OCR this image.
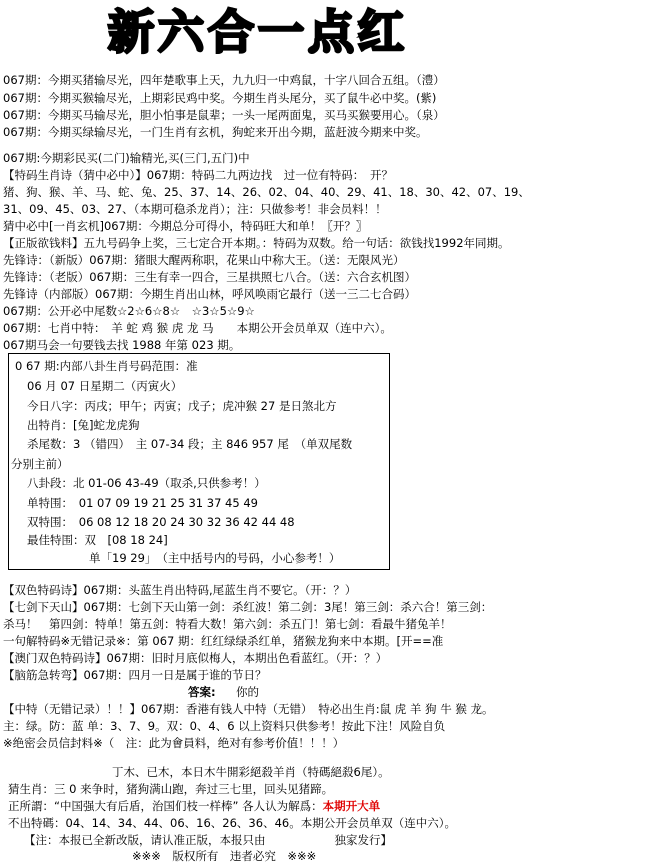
新六合一点红
067期：今期买猪输尽光，四年楚歌事上天，九九归一中鸡鼠，十字八回合五组。（澧）
067期：今期买猴输尽光，上期彩民鸡中奖。今期生肖头尾分，买了鼠牛必中奖。(紫)
067期：今期买马输尽光，胆小怕事是鼠辈；一头一尾两面鬼，买马买猴要用心。（泉）
067期：今期买绿输尽光，一门生肖有玄机，狗蛇来开出今期，蓝赶波今期来中奖。
067期:今期彩民买(二门)输精光,买(三门,五门)中
【特码生肖诗（猜中必中）】067期：特码二九两边找　过一位有特码：　开？
猪、狗、猴、羊、马、蛇、兔、25、37、14、26、02、04、40、29、41、18、30、42、07、19、
31、09、45、03、27、（本期可稳杀龙肖）；注：只做参考！非会员料！！
猜中必中[一肖玄机]067期：今期总分可得小，特码旺大和单！〖开？〗
【正版欲钱料】五九号码争上奖，三七定合开本期。：特码为双数。给一句话：欲钱找1992年同期。
先锋诗：（新版）067期：猪眼大醒两称职，花果山中称大王。（送：无限风光）
先锋诗：（老版）067期：三生有幸一四合，三星拱照七八合。（送：六合玄机图）
先锋诗（内部版）067期：今期生肖出山林，呼风唤雨它最行（送一三二七合码）
067期：公开必中尾数☆2☆6☆8☆　☆3☆5☆9☆
067期：七肖中特：　羊 蛇 鸡 猴 虎 龙 马　　本期公开会员单双（连中六）。
067期马会一句要钱去找 1988 年第 023 期。
0 67 期:内部八卦生肖号码范围：准
06 月 07 日星期二（丙寅火）
今日八字：丙戌；甲午；丙寅；戊子；虎冲猴 27 是日煞北方
出特肖：[兔]蛇龙虎狗
杀尾数：3 （错四）　主 07-34 段；主 846 957 尾　（单双尾数
分别主前）
八卦段：北 01-06 43-49（取杀,只供参考！）
单特围：　01 07 09 19 21 25 31 37 45 49
双特围：　06 08 12 18 20 24 30 32 36 42 44 48
最佳特围：双　[08 18 24]
单「19 29」　（主中括号内的号码，小心参考！）
【双色特码诗】067期：头蓝生肖出特码,尾蓝生肖不要它。（开：？）
【七剑下天山】067期：七剑下天山第一剑：杀红波！第二剑：3尾！第三剑：杀六合！第三剑：
杀马！　第四剑：特单！第五剑：特看大数！第六剑：杀五门！第七剑：看最牛猪兔羊！
一句解特码※无错记录※：第 067 期：红红绿绿杀红单，猪猴龙狗来中本期。[开==准
【澳门双色特码诗】067期：旧时月底似梅人，本期出色看蓝红。（开：？）
【脑筋急转弯】067期：四月一日是属于谁的节日？
答案: 你的
【中特（无错记录）！！】067期：香港有钱人中特（无错）　特必出生肖:鼠 虎 羊 狗 牛 猴 龙。
主：绿。防：蓝 单：3、7、9。双：0、4、6 以上资料只供参考！按此下注！风险自负
※绝密会员信封料※（　注：此为會員料，绝对有参考价值！！！）
丁木、已木，本日木牛開彩絕殺羊肖（特碼絕殺6尾）。
猜生肖：三 0 来争时，猪狗满山跑，奔过三七里，回头见猪蹄。
正所謂：“中国强大有后盾，治国们枝一样棒” 各人认为解爲：本期开大单
不出特碼：04、14、34、44、06、16、26、36、46。本期公开会员单双（连中六）。
【注：本报已全新改版，请认准正版，本报只由　　　　　　独家发行】
※※※　版权所有　违者必究　※※※
